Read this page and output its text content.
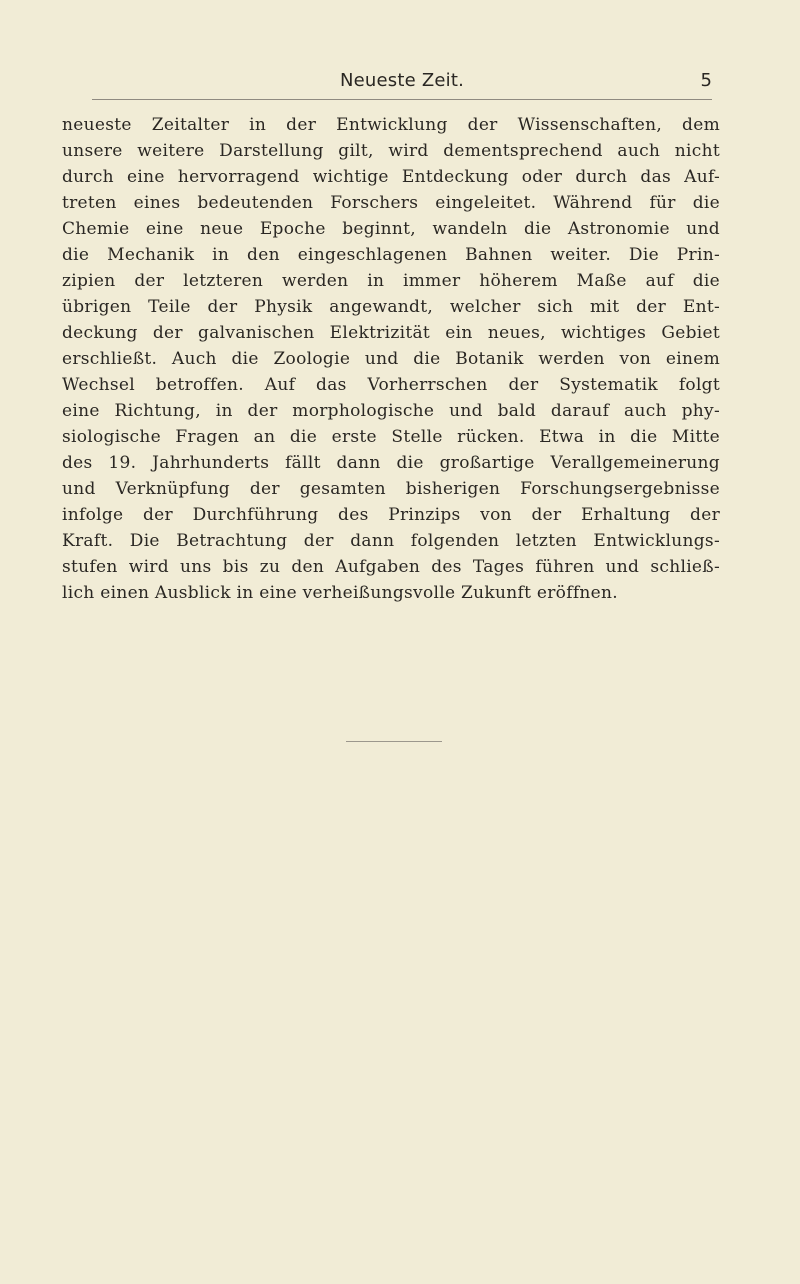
Neueste Zeit.	5
neueste Zeitalter in der Entwicklung der Wissenschaften, dem
unsere weitere Darstellung gilt, wird dementsprechend auch nicht
durch eine hervorragend wichtige Entdeckung oder durch das Auf-
treten eines bedeutenden Forschers eingeleitet. Während für die
Chemie eine neue Epoche beginnt, wandeln die Astronomie und
die Mechanik in den eingeschlagenen Bahnen weiter. Die Prin-
zipien der letzteren werden in immer höherem Maße auf die
übrigen Teile der Physik angewandt, welcher sich mit der Ent-
deckung der galvanischen Elektrizität ein neues, wichtiges Gebiet
erschließt. Auch die Zoologie und die Botanik werden von einem
Wechsel betroffen. Auf das Vorherrschen der Systematik folgt
eine Richtung, in der morphologische und bald darauf auch phy-
siologische Fragen an die erste Stelle rücken. Etwa in die Mitte
des 19. Jahrhunderts fällt dann die großartige Verallgemeinerung
und Verknüpfung der gesamten bisherigen Forschungsergebnisse
infolge der Durchführung des Prinzips von der Erhaltung der
Kraft. Die Betrachtung der dann folgenden letzten Entwicklungs-
stufen wird uns bis zu den Aufgaben des Tages führen und schließ-
lich einen Ausblick in eine verheißungsvolle Zukunft eröffnen.
